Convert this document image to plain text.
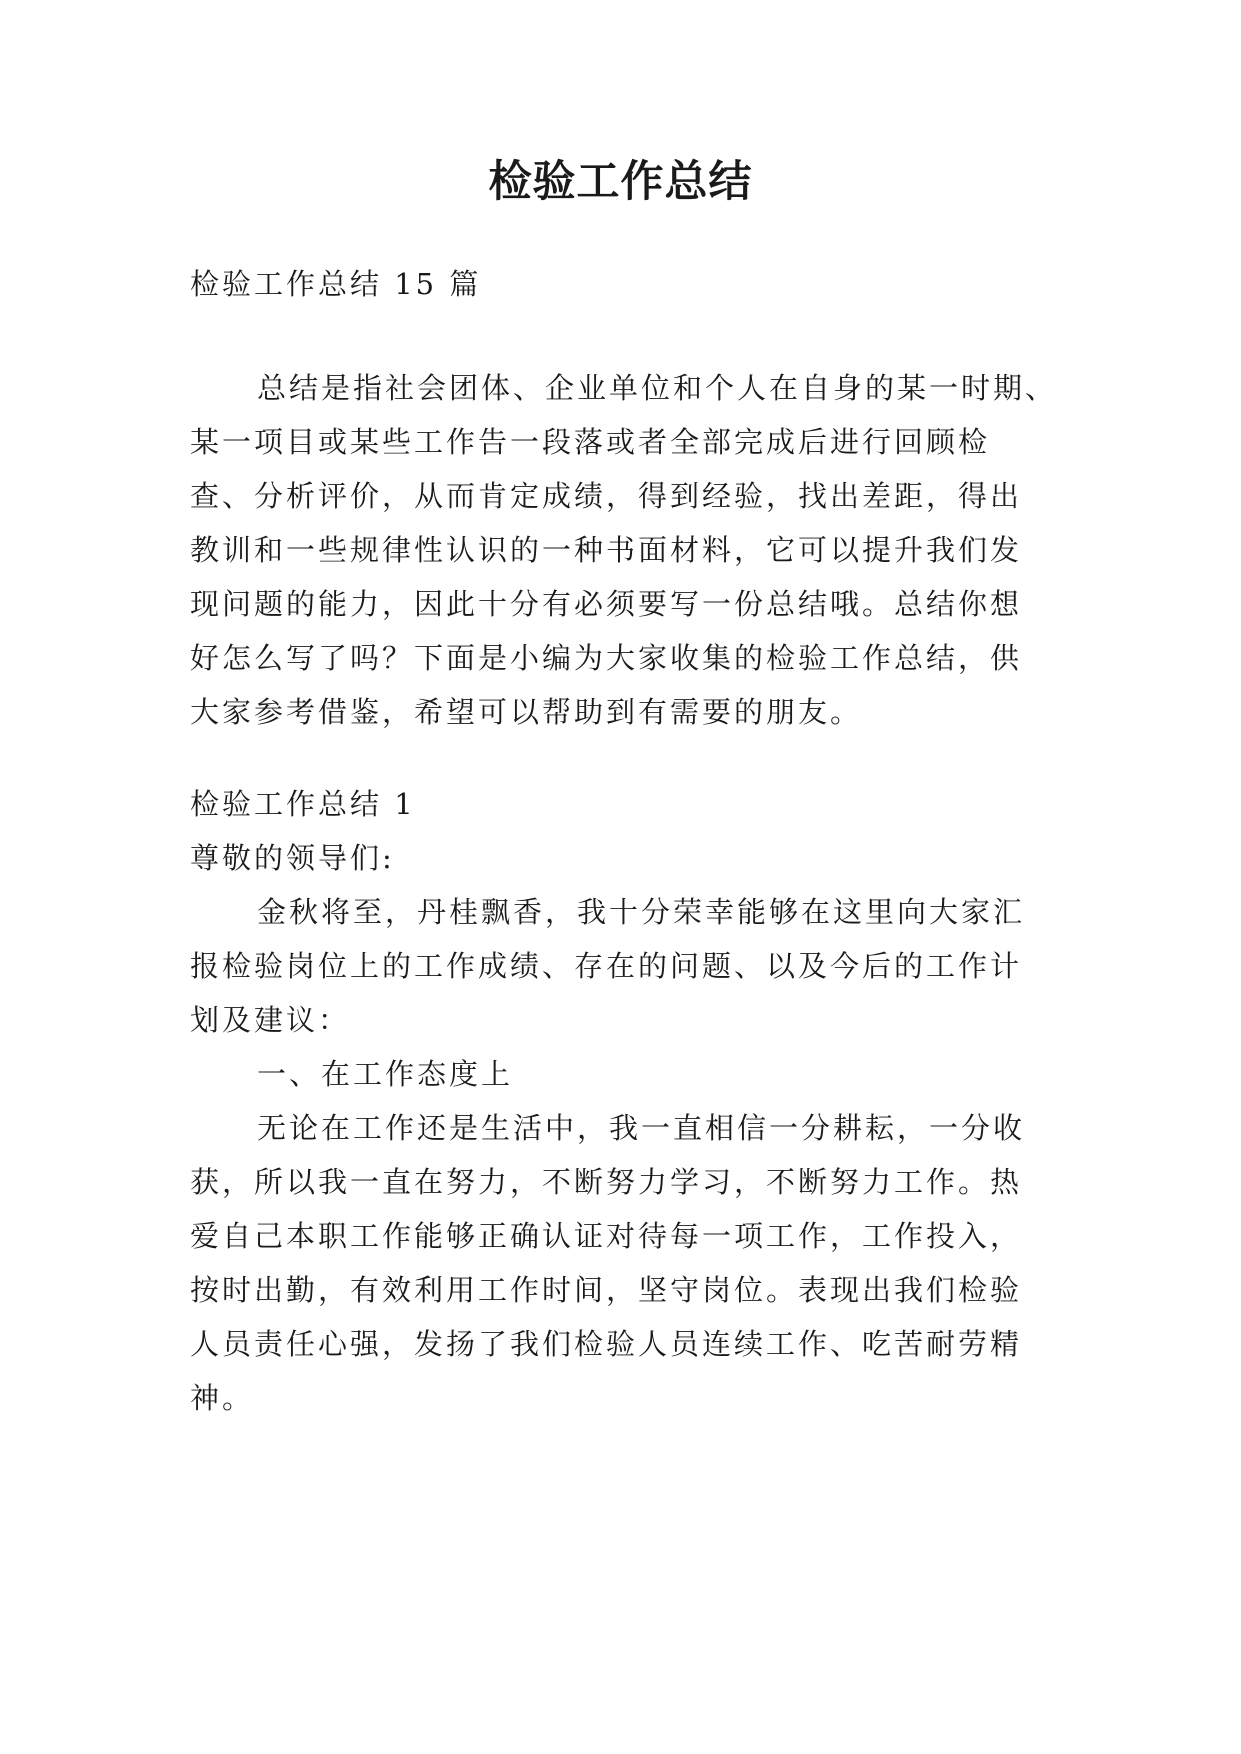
检验工作总结
检验工作总结 15 篇
总结是指社会团体、企业单位和个人在自身的某一时期、
某一项目或某些工作告一段落或者全部完成后进行回顾检
查、分析评价，从而肯定成绩，得到经验，找出差距，得出
教训和一些规律性认识的一种书面材料，它可以提升我们发
现问题的能力，因此十分有必须要写一份总结哦。总结你想
好怎么写了吗？下面是小编为大家收集的检验工作总结，供
大家参考借鉴，希望可以帮助到有需要的朋友。
检验工作总结 1
尊敬的领导们:
金秋将至，丹桂飘香，我十分荣幸能够在这里向大家汇
报检验岗位上的工作成绩、存在的问题、以及今后的工作计
划及建议：
一、在工作态度上
无论在工作还是生活中，我一直相信一分耕耘，一分收
获，所以我一直在努力，不断努力学习，不断努力工作。热
爱自己本职工作能够正确认证对待每一项工作，工作投入，
按时出勤，有效利用工作时间，坚守岗位。表现出我们检验
人员责任心强，发扬了我们检验人员连续工作、吃苦耐劳精
神。
